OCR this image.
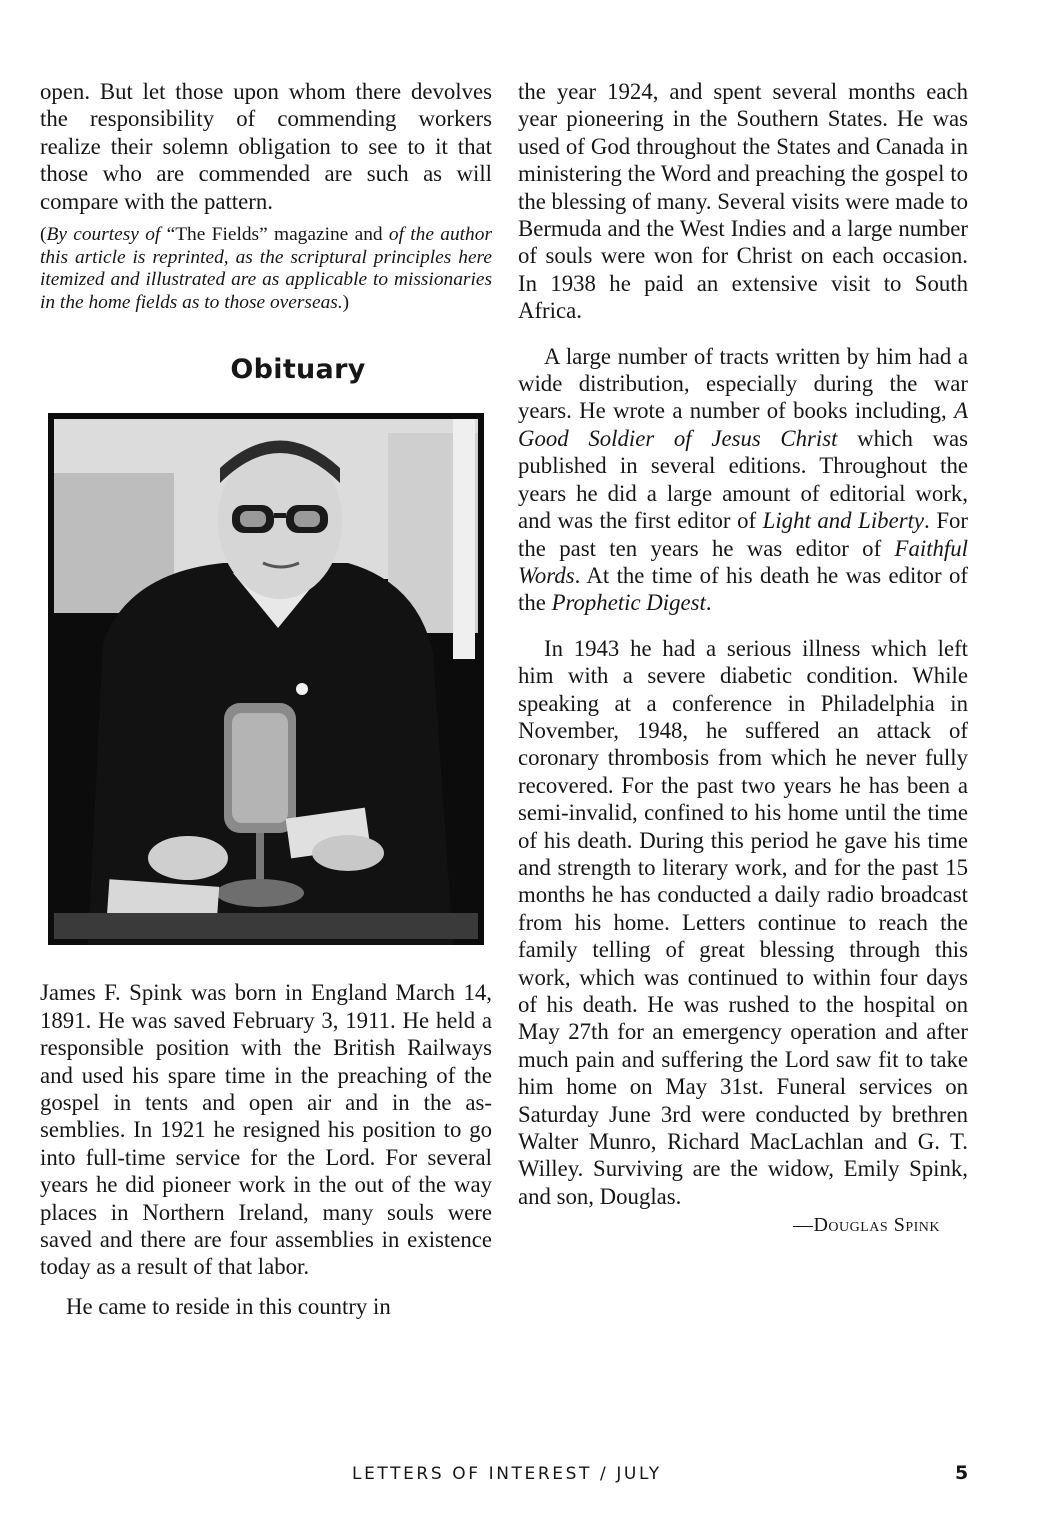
open. But let those upon whom there devolves the responsibility of commending workers realize their solemn obligation to see to it that those who are commended are such as will compare with the pattern.

(By courtesy of “The Fields” magazine and of the author this article is reprinted, as the scriptural principles here itemized and illustrated are as applicable to missionaries in the home fields as to those overseas.)

Obituary

James F. Spink was born in England March 14, 1891. He was saved February 3, 1911. He held a responsible position with the British Railways and used his spare time in the preaching of the gospel in tents and open air and in the assemblies. In 1921 he resigned his position to go into full-time service for the Lord. For several years he did pioneer work in the out of the way places in Northern Ireland, many souls were saved and there are four assemblies in existence today as a result of that labor.

He came to reside in this country in

the year 1924, and spent several months each year pioneering in the Southern States. He was used of God throughout the States and Canada in ministering the Word and preaching the gospel to the blessing of many. Several visits were made to Bermuda and the West Indies and a large number of souls were won for Christ on each occasion. In 1938 he paid an extensive visit to South Africa.

A large number of tracts written by him had a wide distribution, especially during the war years. He wrote a number of books including, A Good Soldier of Jesus Christ which was published in several editions. Throughout the years he did a large amount of editorial work, and was the first editor of Light and Liberty. For the past ten years he was editor of Faithful Words. At the time of his death he was editor of the Prophetic Digest.

In 1943 he had a serious illness which left him with a severe diabetic condition. While speaking at a conference in Philadelphia in November, 1948, he suffered an attack of coronary thrombosis from which he never fully recovered. For the past two years he has been a semi-invalid, confined to his home until the time of his death. During this period he gave his time and strength to literary work, and for the past 15 months he has conducted a daily radio broadcast from his home. Letters continue to reach the family telling of great blessing through this work, which was continued to within four days of his death. He was rushed to the hospital on May 27th for an emergency operation and after much pain and suffering the Lord saw fit to take him home on May 31st. Funeral services on Saturday June 3rd were conducted by brethren Walter Munro, Richard MacLachlan and G. T. Willey. Surviving are the widow, Emily Spink, and son, Douglas.

—Douglas Spink
LETTERS OF INTEREST / JULY	5
